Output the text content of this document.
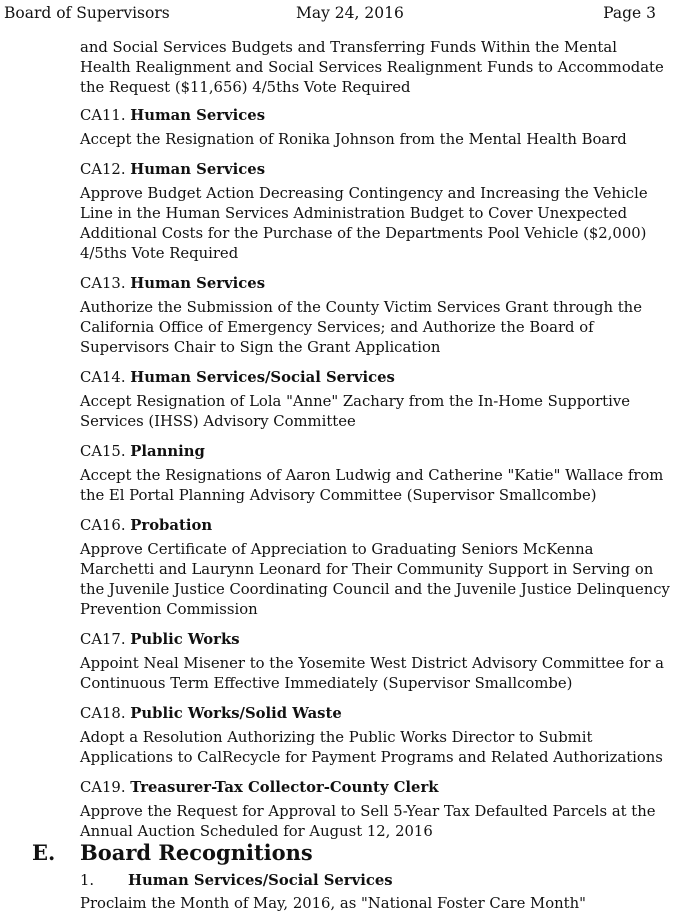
Board of Supervisors	May 24, 2016	Page 3

and Social Services Budgets and Transferring Funds Within the Mental Health Realignment and Social Services Realignment Funds to Accommodate the Request ($11,656) 4/5ths Vote Required

CA11. Human Services

Accept the Resignation of Ronika Johnson from the Mental Health Board

CA12. Human Services

Approve Budget Action Decreasing Contingency and Increasing the Vehicle Line in the Human Services Administration Budget to Cover Unexpected Additional Costs for the Purchase of the Departments Pool Vehicle ($2,000) 4/5ths Vote Required

CA13. Human Services

Authorize the Submission of the County Victim Services Grant through the California Office of Emergency Services; and Authorize the Board of Supervisors Chair to Sign the Grant Application

CA14. Human Services/Social Services

Accept Resignation of Lola "Anne" Zachary from the In-Home Supportive Services (IHSS) Advisory Committee

CA15. Planning

Accept the Resignations of Aaron Ludwig and Catherine "Katie" Wallace from the El Portal Planning Advisory Committee (Supervisor Smallcombe)

CA16. Probation

Approve Certificate of Appreciation to Graduating Seniors McKenna Marchetti and Laurynn Leonard for Their Community Support in Serving on the Juvenile Justice Coordinating Council and the Juvenile Justice Delinquency Prevention Commission

CA17. Public Works

Appoint Neal Misener to the Yosemite West District Advisory Committee for a Continuous Term Effective Immediately (Supervisor Smallcombe)

CA18. Public Works/Solid Waste

Adopt a Resolution Authorizing the Public Works Director to Submit Applications to CalRecycle for Payment Programs and Related Authorizations

CA19. Treasurer-Tax Collector-County Clerk

Approve the Request for Approval to Sell 5-Year Tax Defaulted Parcels at the Annual Auction Scheduled for August 12, 2016

E. Board Recognitions
1. Human Services/Social Services
Proclaim the Month of May, 2016, as "National Foster Care Month"
